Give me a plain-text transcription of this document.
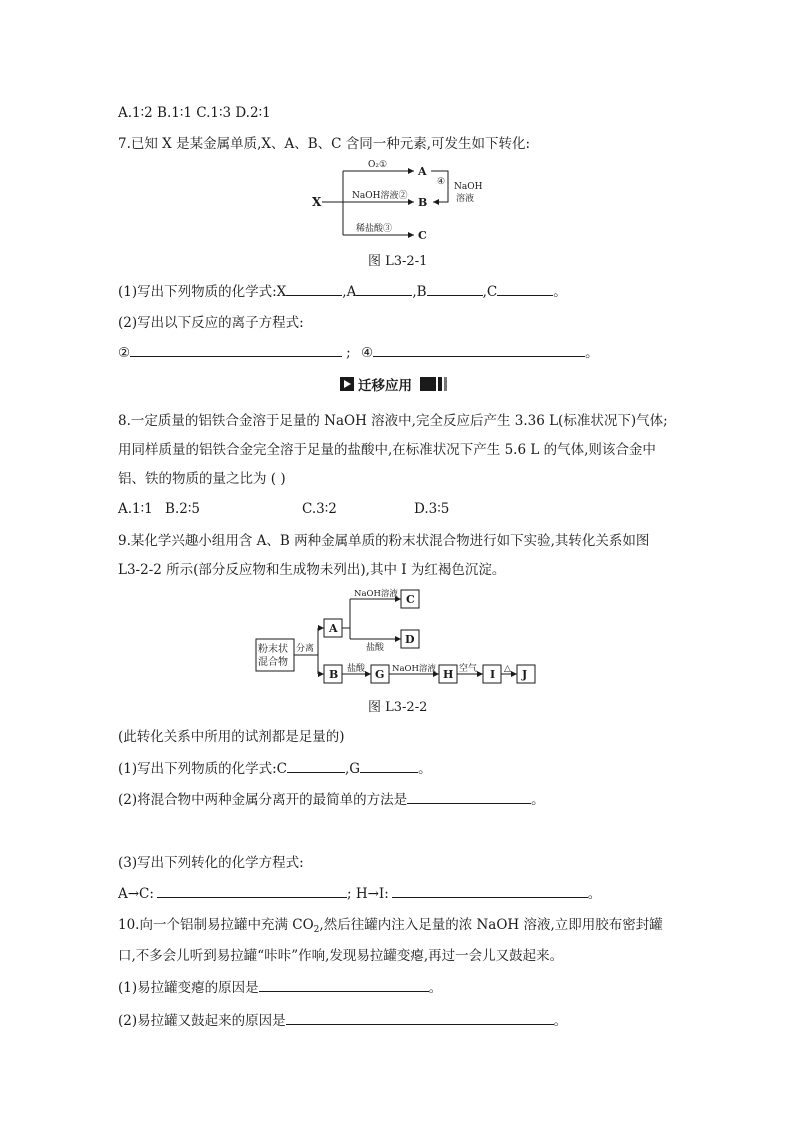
A.1∶2 B.1∶1 C.1∶3 D.2∶1
7.已知 X 是某金属单质,X、A、B、C 含同一种元素,可发生如下转化:
X
O₂①
NaOH溶液②
稀盐酸③
A
B
C
④ NaOH
溶液
图 L3-2-1
(1)写出下列物质的化学式:X	,A	,B	,C	。
(2)写出以下反应的离子方程式:
②	; ④	。
迁移应用
8.一定质量的铝铁合金溶于足量的 NaOH 溶液中,完全反应后产生 3.36 L(标准状况下)气体;
用同样质量的铝铁合金完全溶于足量的盐酸中,在标准状况下产生 5.6 L 的气体,则该合金中
铝、铁的物质的量之比为 ( )
A.1∶1 B.2∶5	C.3∶2	D.3∶5
9.某化学兴趣小组用含 A、B 两种金属单质的粉末状混合物进行如下实验,其转化关系如图
L3-2-2 所示(部分反应物和生成物未列出),其中 I 为红褐色沉淀。
粉末状
混合物
分离
A
B
C
D
G	H	I J
NaOH溶液
盐酸
盐酸	NaOH溶液	空气	△
图 L3-2-2
(此转化关系中所用的试剂都是足量的)
(1)写出下列物质的化学式:C	,G	。
(2)将混合物中两种金属分离开的最简单的方法是	。
(3)写出下列转化的化学方程式:
A→C:	; H→I:	。
10.向一个铝制易拉罐中充满 $CO_2$,然后往罐内注入足量的浓 NaOH 溶液,立即用胶布密封罐
口,不多会儿听到易拉罐“咔咔”作响,发现易拉罐变瘪,再过一会儿又鼓起来。
(1)易拉罐变瘪的原因是	。
(2)易拉罐又鼓起来的原因是	。
